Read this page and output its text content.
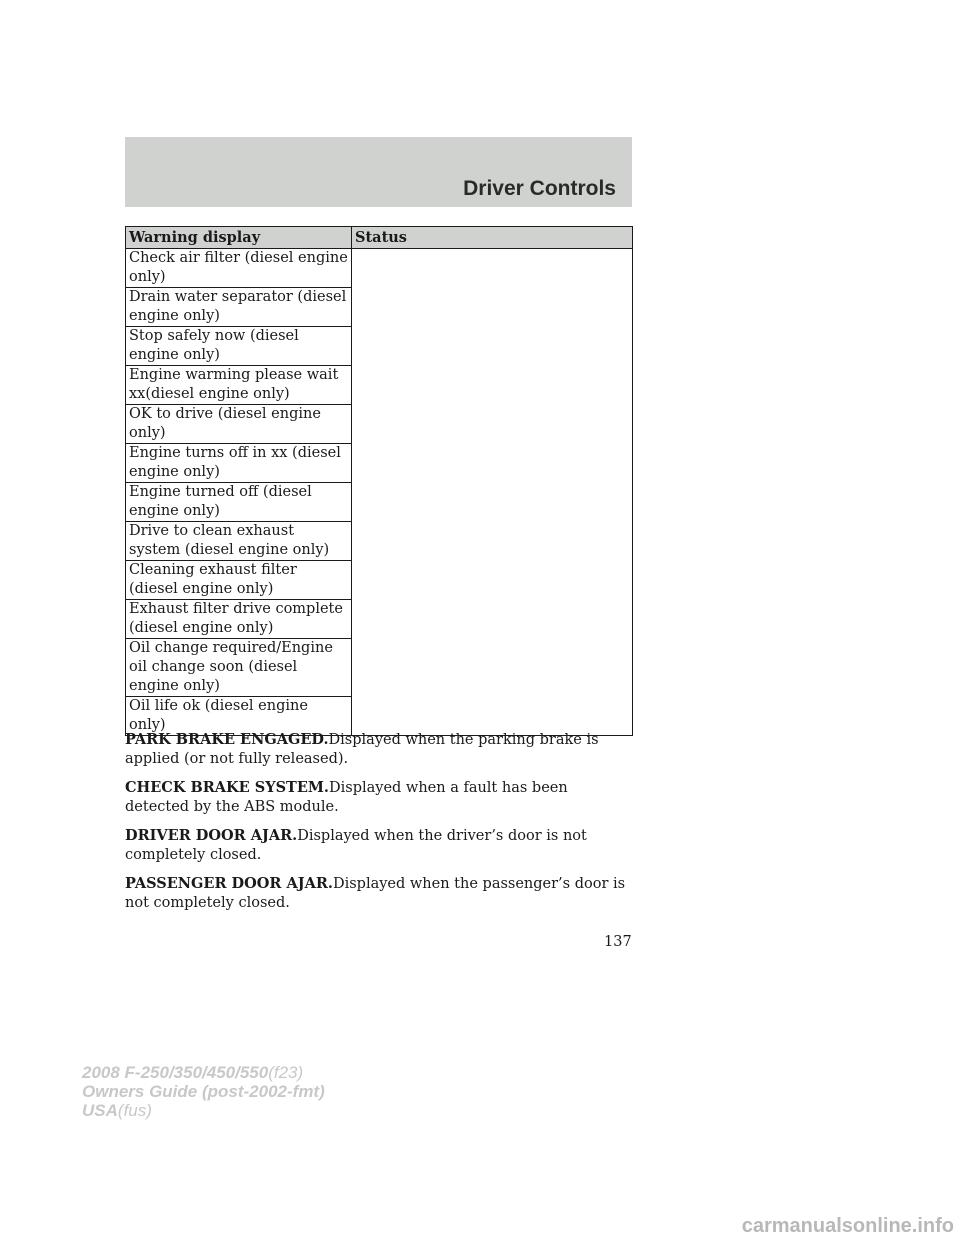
Driver Controls
Warning display	Status
Check air filter (diesel engine only)	
Drain water separator (diesel engine only)	
Stop safely now (diesel engine only)	
Engine warming please wait xx(diesel engine only)	
OK to drive (diesel engine only)	
Engine turns off in xx (diesel engine only)	
Engine turned off (diesel engine only)	
Drive to clean exhaust system (diesel engine only)	
Cleaning exhaust filter (diesel engine only)	
Exhaust filter drive complete (diesel engine only)	
Oil change required/Engine oil change soon (diesel engine only)	
Oil life ok (diesel engine only)	

PARK BRAKE ENGAGED.Displayed when the parking brake is applied (or not fully released).

CHECK BRAKE SYSTEM.Displayed when a fault has been detected by the ABS module.

DRIVER DOOR AJAR.Displayed when the driver’s door is not completely closed.

PASSENGER DOOR AJAR.Displayed when the passenger’s door is not completely closed.

137

2008 F-250/350/450/550(f23)
Owners Guide (post-2002-fmt)
USA(fus)

carmanualsonline.info
